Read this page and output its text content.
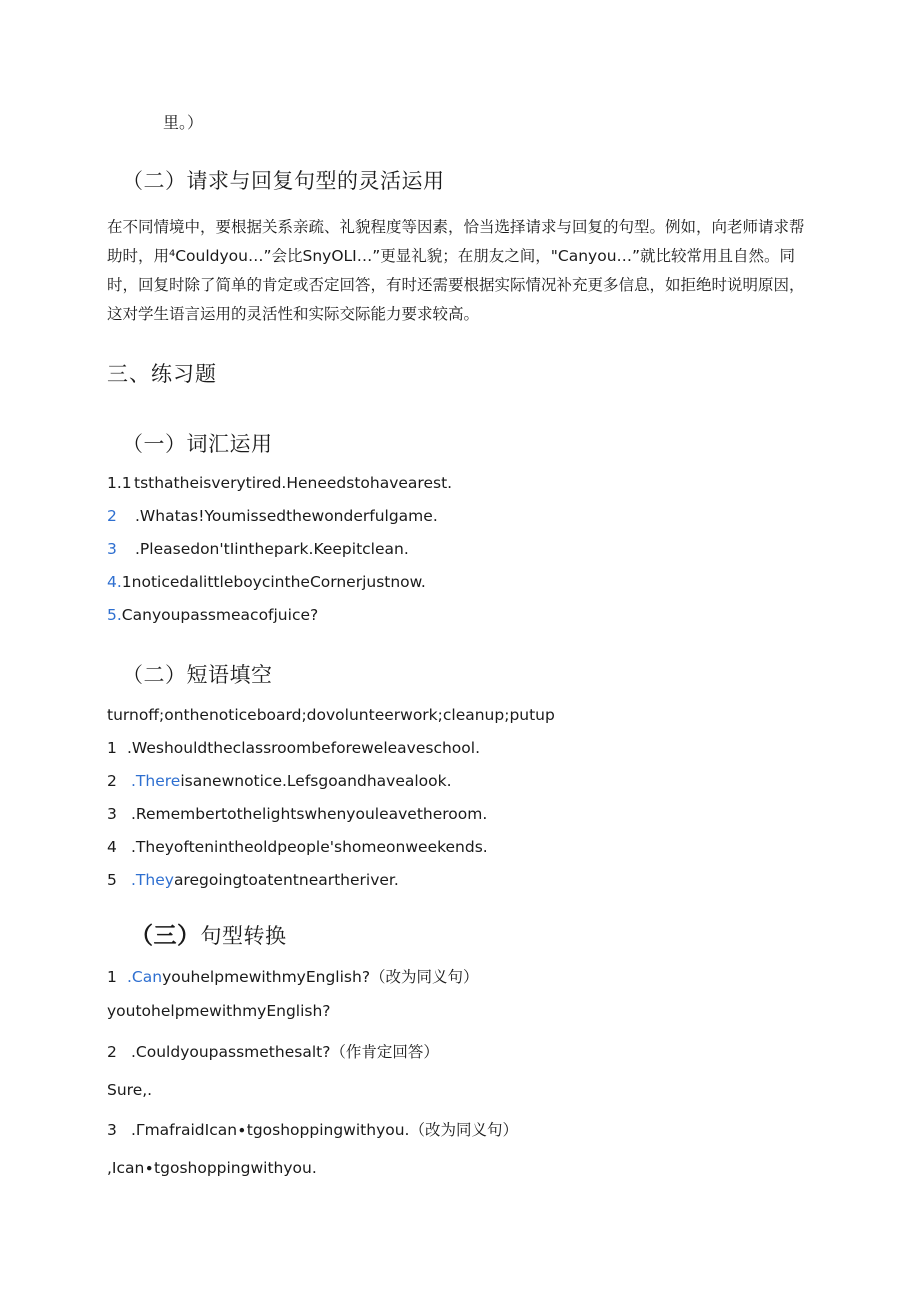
里。）
（二）请求与回复句型的灵活运用
在不同情境中，要根据关系亲疏、礼貌程度等因素，恰当选择请求与回复的句型。例如，向老师请求帮
助时，用⁴Couldyou…”会比SnyOLI…”更显礼貌；在朋友之间，"Canyou…”就比较常用且自然。同
时，回复时除了简单的肯定或否定回答，有时还需要根据实际情况补充更多信息，如拒绝时说明原因，
这对学生语言运用的灵活性和实际交际能力要求较高。
三、练习题
（一）词汇运用
1.1 tsthatheisverytired.Heneedstohavearest.
2 .Whatas!Youmissedthewonderfulgame.
3 .Pleasedon'tIinthepark.Keepitclean.
4.1noticedalittleboycintheCornerjustnow.
5.Canyoupassmeacofjuice?
（二）短语填空
turnoff;onthenoticeboard;dovolunteerwork;cleanup;putup
1 .Weshouldtheclassroombeforeweleaveschool.
2 .Thereisanewnotice.Lefsgoandhavealook.
3 .Remembertothelightswhenyouleavetheroom.
4 .Theyoftenintheoldpeople'shomeonweekends.
5 .Theyaregoingtoatentneartheriver.
（三）句型转换
1 .CanyouhelpmewithmyEnglish?（改为同义句）
youtohelpmewithmyEnglish?
2 .Couldyoupassmethesalt?（作肯定回答）
Sure,.
3 .ΓmafraidIcan∙tgoshoppingwithyou.（改为同义句）
,Ican∙tgoshoppingwithyou.
